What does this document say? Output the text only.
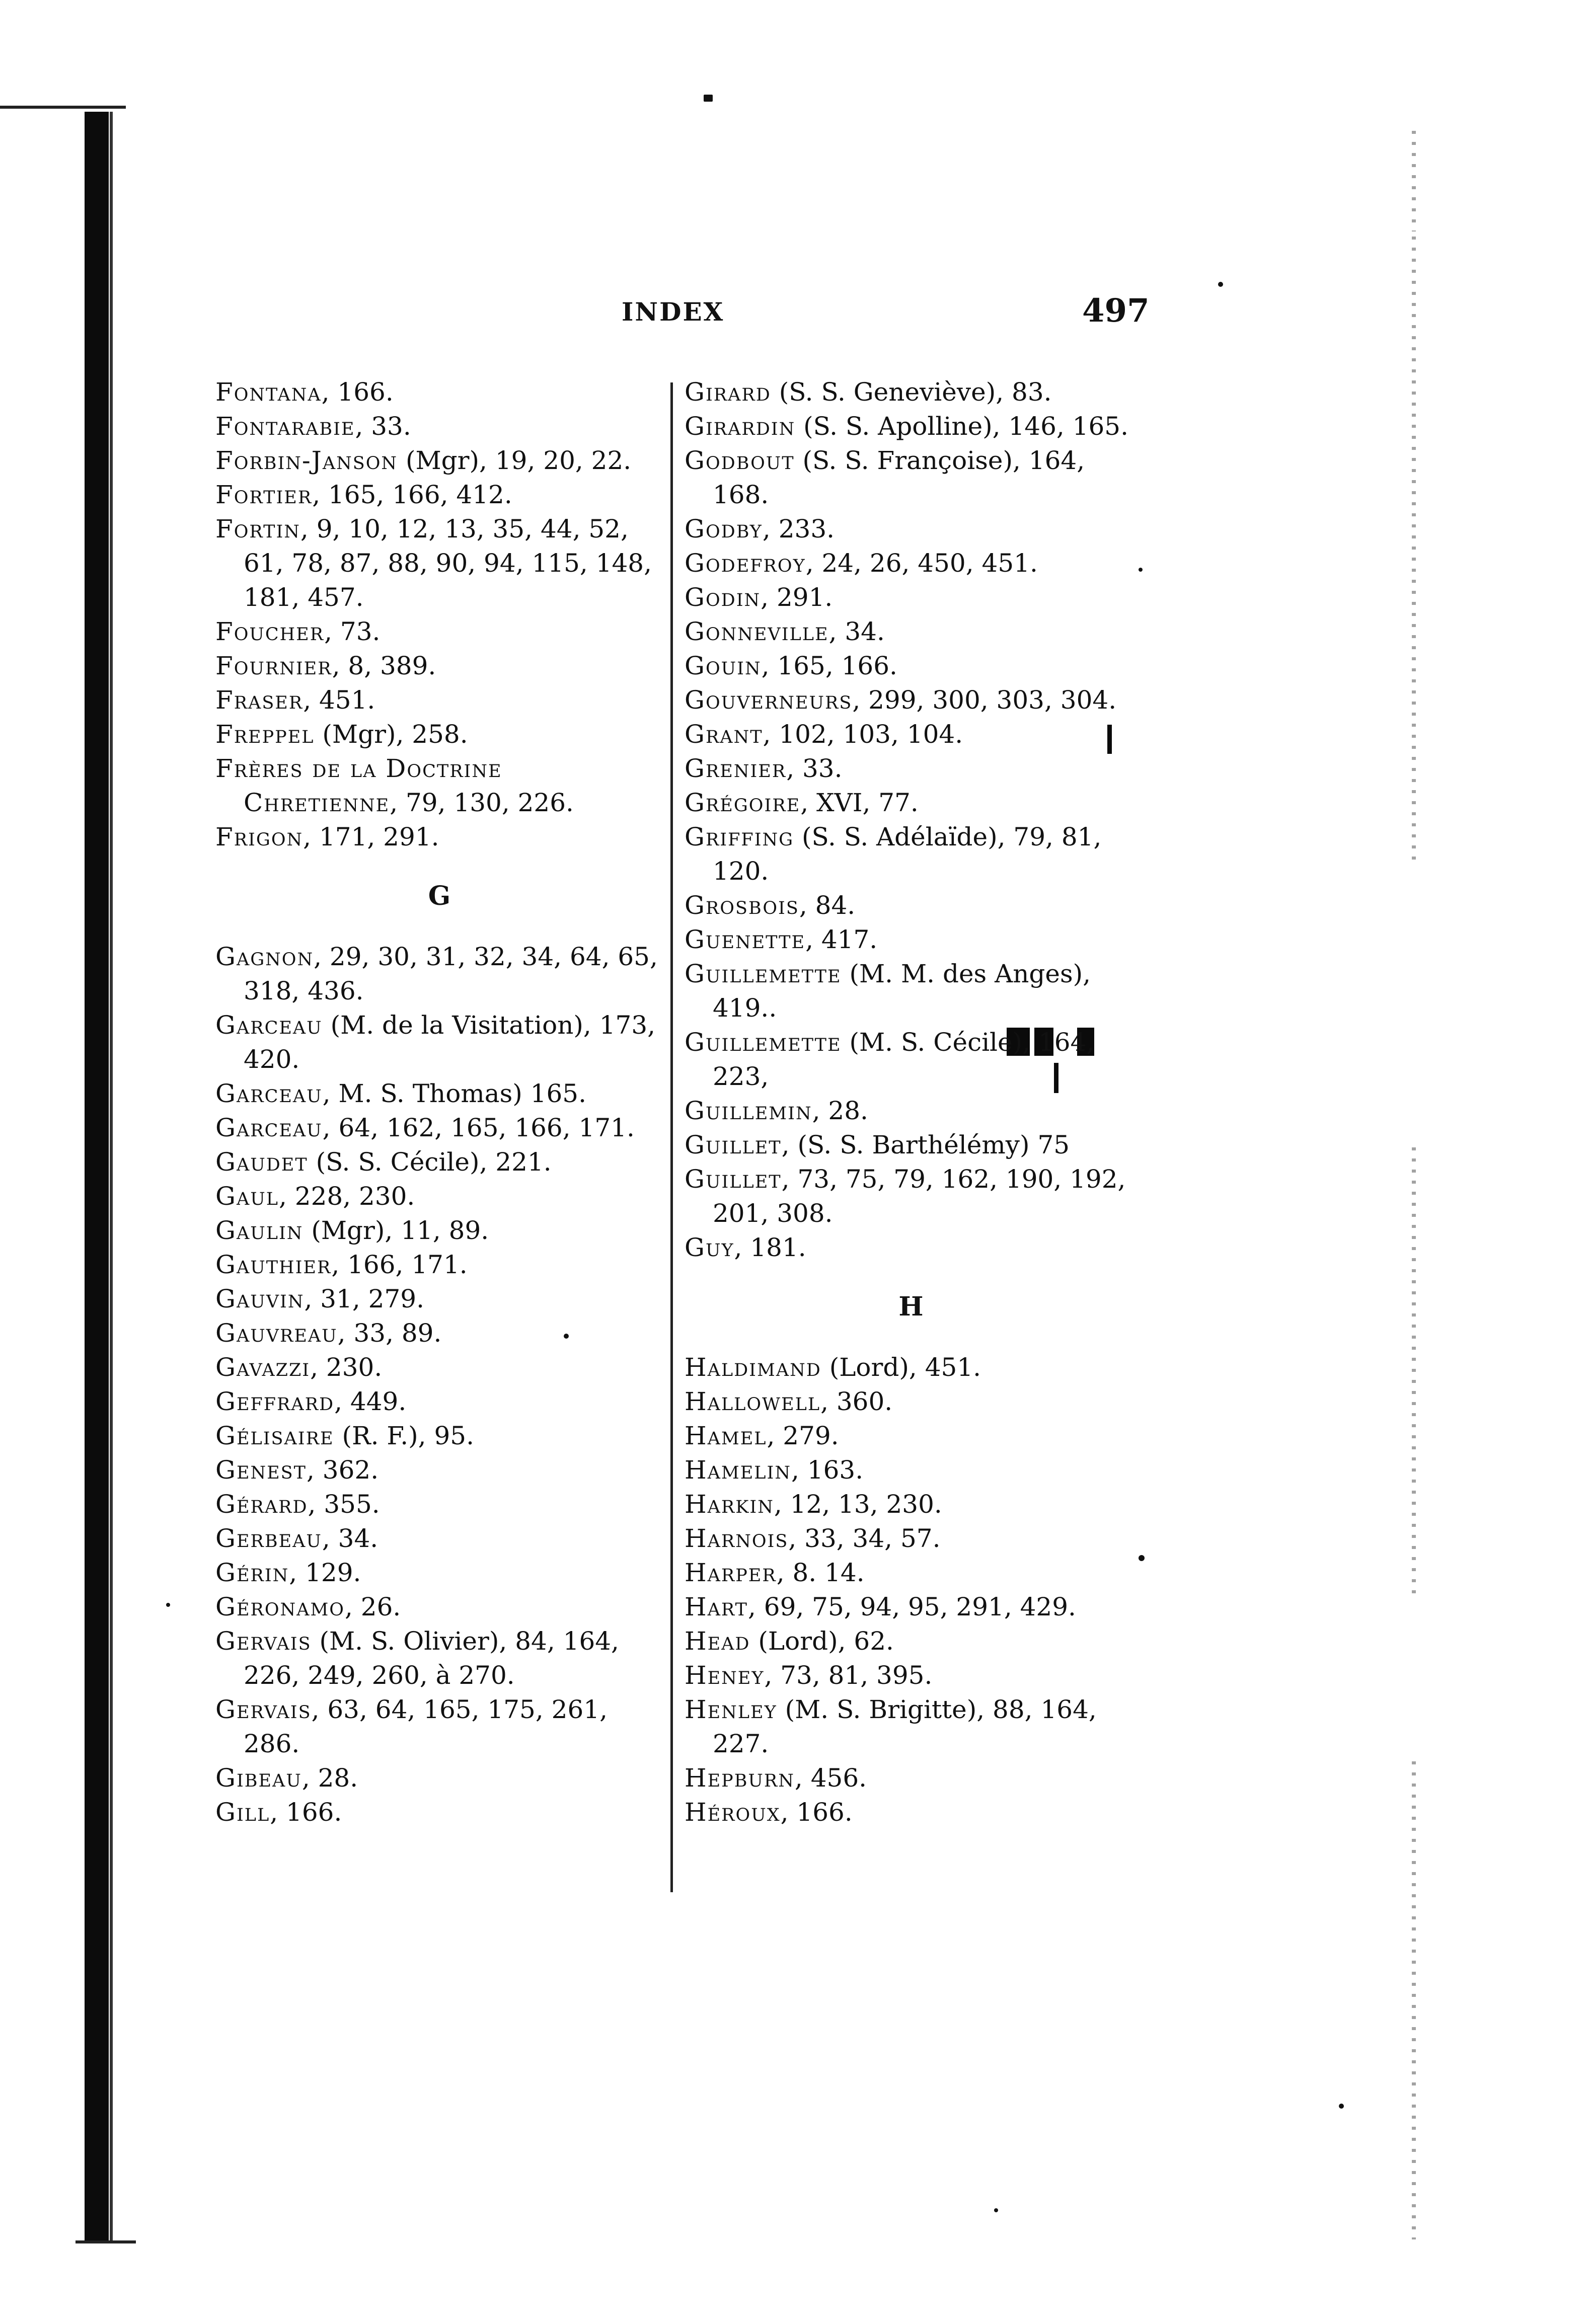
INDEX	497
Fontana, 166.
Fontarabie, 33.
Forbin-Janson (Mgr), 19, 20, 22.
Fortier, 165, 166, 412.
Fortin, 9, 10, 12, 13, 35, 44, 52, 61, 78, 87, 88, 90, 94, 115, 148, 181, 457.
Foucher, 73.
Fournier, 8, 389.
Fraser, 451.
Freppel (Mgr), 258.
Frères de la Doctrine Chretienne, 79, 130, 226.
Frigon, 171, 291.
G
Gagnon, 29, 30, 31, 32, 34, 64, 65, 318, 436.
Garceau (M. de la Visitation), 173, 420.
Garceau, M. S. Thomas) 165.
Garceau, 64, 162, 165, 166, 171.
Gaudet (S. S. Cécile), 221.
Gaul, 228, 230.
Gaulin (Mgr), 11, 89.
Gauthier, 166, 171.
Gauvin, 31, 279.
Gauvreau, 33, 89.
Gavazzi, 230.
Geffrard, 449.
Gélisaire (R. F.), 95.
Genest, 362.
Gérard, 355.
Gerbeau, 34.
Gérin, 129.
Géronamo, 26.
Gervais (M. S. Olivier), 84, 164, 226, 249, 260, à 270.
Gervais, 63, 64, 165, 175, 261, 286.
Gibeau, 28.
Gill, 166.
Girard (S. S. Geneviève), 83.
Girardin (S. S. Apolline), 146, 165.
Godbout (S. S. Françoise), 164, 168.
Godby, 233.
Godefroy, 24, 26, 450, 451.
Godin, 291.
Gonneville, 34.
Gouin, 165, 166.
Gouverneurs, 299, 300, 303, 304.
Grant, 102, 103, 104.
Grenier, 33.
Grégoire, XVI, 77.
Griffing (S. S. Adélaïde), 79, 81, 120.
Grosbois, 84.
Guenette, 417.
Guillemette (M. M. des Anges), 419..
Guillemette (M. S. Cécile), 164, 223,
Guillemin, 28.
Guillet, (S. S. Barthélémy) 75
Guillet, 73, 75, 79, 162, 190, 192, 201, 308.
Guy, 181.
H
Haldimand (Lord), 451.
Hallowell, 360.
Hamel, 279.
Hamelin, 163.
Harkin, 12, 13, 230.
Harnois, 33, 34, 57.
Harper, 8. 14.
Hart, 69, 75, 94, 95, 291, 429.
Head (Lord), 62.
Heney, 73, 81, 395.
Henley (M. S. Brigitte), 88, 164, 227.
Hepburn, 456.
Héroux, 166.
